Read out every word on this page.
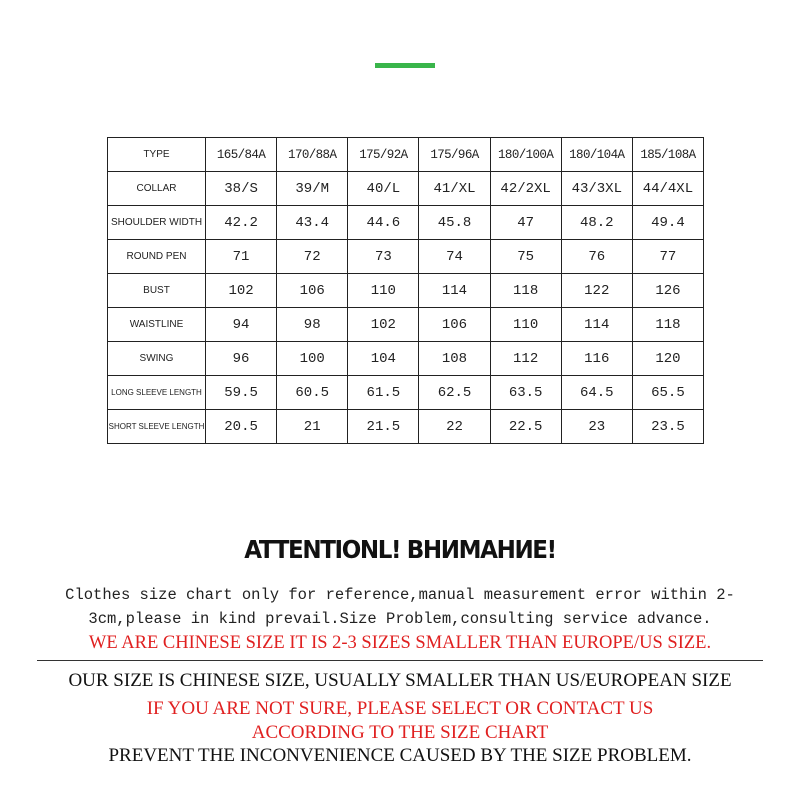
TYPE	165/84A	170/88A	175/92A	175/96A	180/100A	180/104A	185/108A
COLLAR	38/S	39/M	40/L	41/XL	42/2XL	43/3XL	44/4XL
SHOULDER WIDTH	42.2	43.4	44.6	45.8	47	48.2	49.4
ROUND PEN	71	72	73	74	75	76	77
BUST	102	106	110	114	118	122	126
WAISTLINE	94	98	102	106	110	114	118
SWING	96	100	104	108	112	116	120
LONG SLEEVE LENGTH	59.5	60.5	61.5	62.5	63.5	64.5	65.5
SHORT SLEEVE LENGTH	20.5	21	21.5	22	22.5	23	23.5
ATTENTIONL! ВНИМАНИЕ!
Clothes size chart only for reference,manual measurement error within 2-
3cm,please in kind prevail.Size Problem,consulting service advance.
WE ARE CHINESE SIZE IT IS 2-3 SIZES SMALLER THAN EUROPE/US SIZE.
OUR SIZE IS CHINESE SIZE, USUALLY SMALLER THAN US/EUROPEAN SIZE
IF YOU ARE NOT SURE, PLEASE SELECT OR CONTACT US
ACCORDING TO THE SIZE CHART
PREVENT THE INCONVENIENCE CAUSED BY THE SIZE PROBLEM.
